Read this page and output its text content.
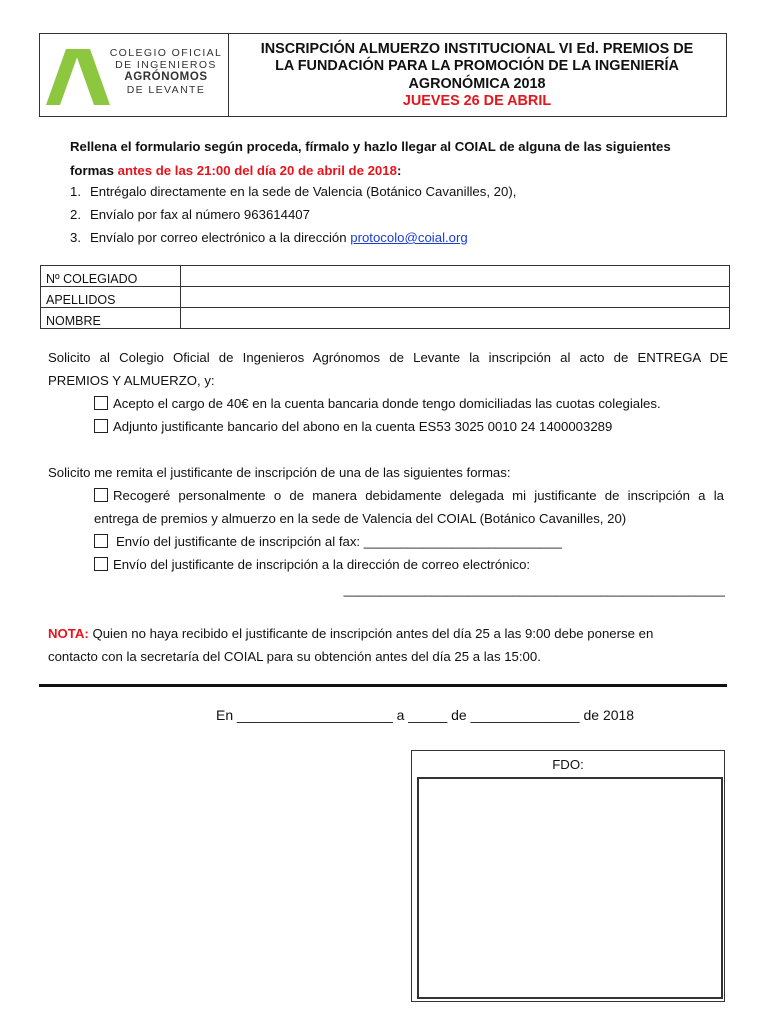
COLEGIO OFICIAL
DE INGENIEROS
AGRÓNOMOS
DE LEVANTE
INSCRIPCIÓN ALMUERZO INSTITUCIONAL VI Ed. PREMIOS DE
LA FUNDACIÓN PARA LA PROMOCIÓN DE LA INGENIERÍA
AGRONÓMICA 2018
JUEVES 26 DE ABRIL
Rellena el formulario según proceda, fírmalo y hazlo llegar al COIAL de alguna de las siguientes
formas antes de las 21:00 del día 20 de abril de 2018:
1. Entrégalo directamente en la sede de Valencia (Botánico Cavanilles, 20),
2. Envíalo por fax al número 963614407
3. Envíalo por correo electrónico a la dirección protocolo@coial.org
Nº COLEGIADO	
APELLIDOS	
NOMBRE	
Solicito al Colegio Oficial de Ingenieros Agrónomos de Levante la inscripción al acto de ENTREGA DE
PREMIOS Y ALMUERZO, y:
Acepto el cargo de 40€ en la cuenta bancaria donde tengo domiciliadas las cuotas colegiales.
Adjunto justificante bancario del abono en la cuenta ES53 3025 0010 24 1400003289
Solicito me remita el justificante de inscripción de una de las siguientes formas:
Recogeré personalmente o de manera debidamente delegada mi justificante de inscripción a la
entrega de premios y almuerzo en la sede de Valencia del COIAL (Botánico Cavanilles, 20)
Envío del justificante de inscripción al fax: ___________________________
Envío del justificante de inscripción a la dirección de correo electrónico:
____________________________________________________
NOTA: Quien no haya recibido el justificante de inscripción antes del día 25 a las 9:00 debe ponerse en
contacto con la secretaría del COIAL para su obtención antes del día 25 a las 15:00.
En ____________________ a _____ de ______________ de 2018
FDO:
